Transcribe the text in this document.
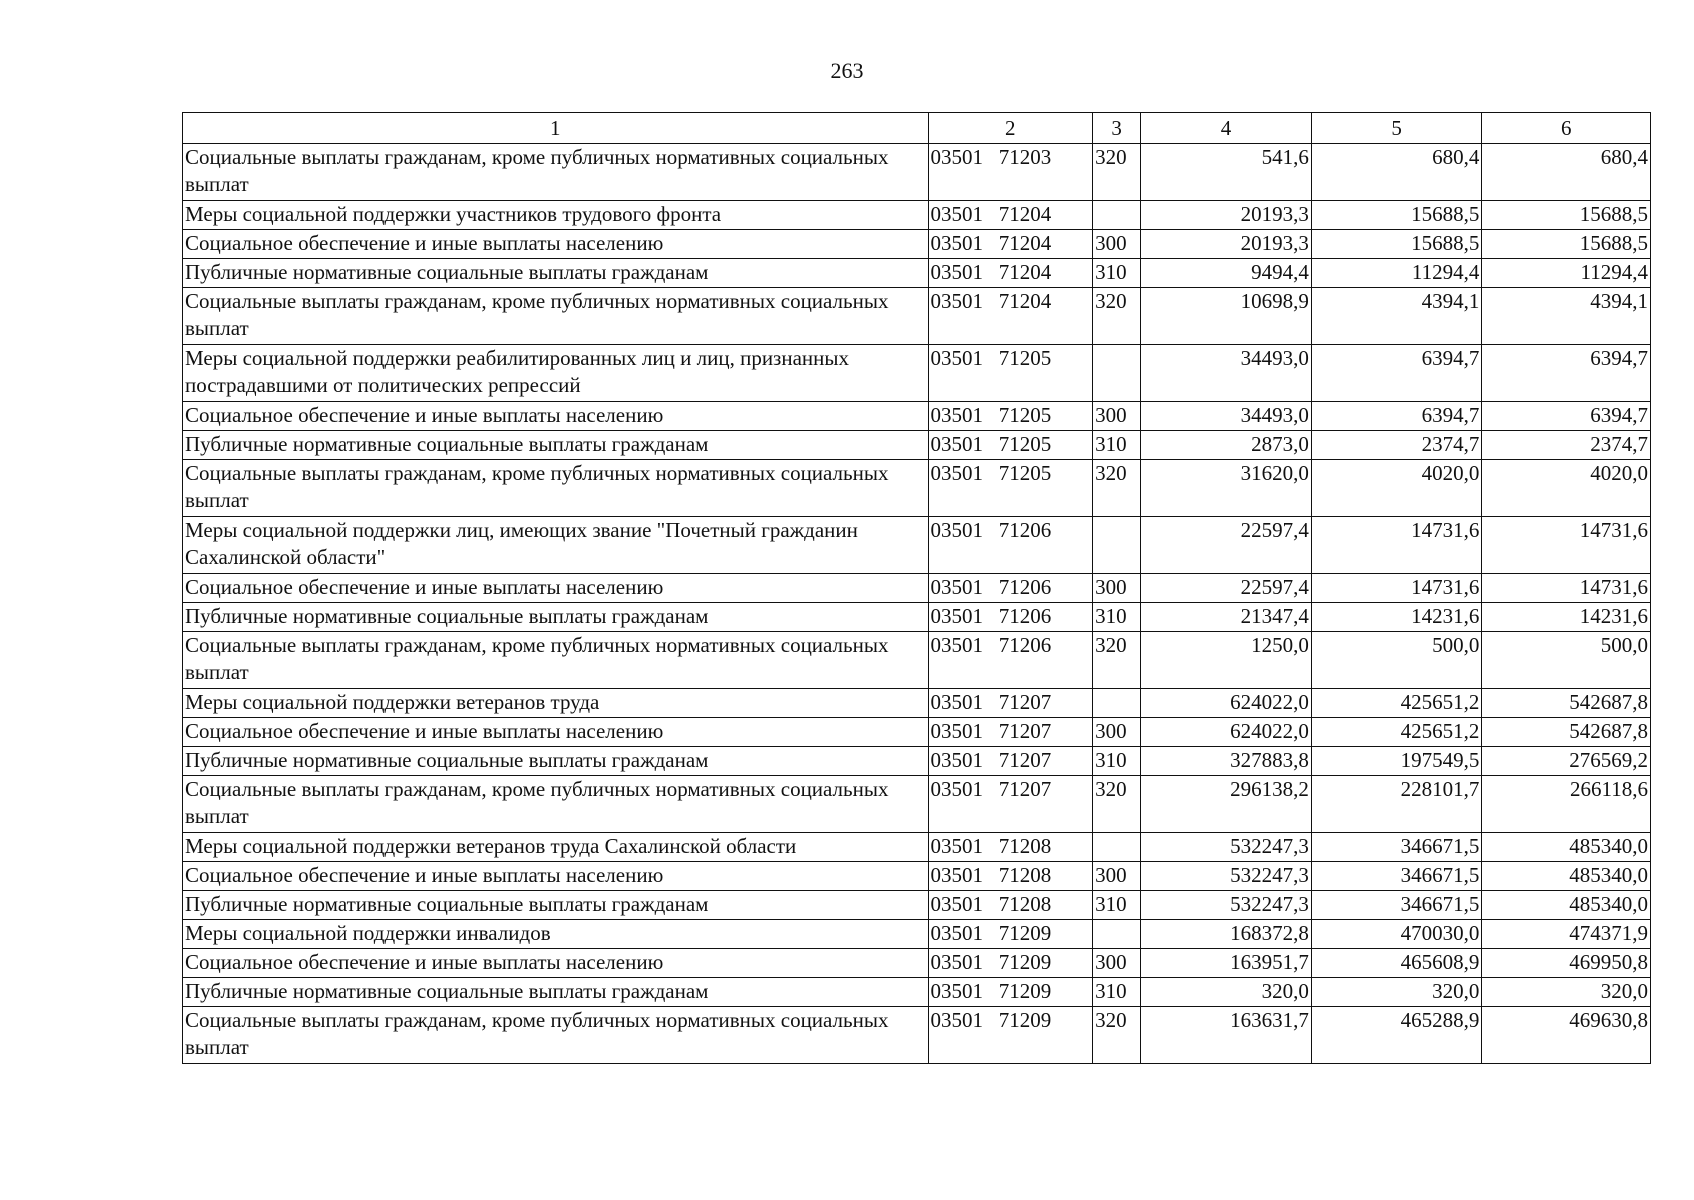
263
1	2	3	4	5	6
Социальные выплаты гражданам, кроме публичных нормативных социальных выплат	03501   71203	320	541,6	680,4	680,4
Меры социальной поддержки участников трудового фронта	03501   71204		20193,3	15688,5	15688,5
Социальное обеспечение и иные выплаты населению	03501   71204	300	20193,3	15688,5	15688,5
Публичные нормативные социальные выплаты гражданам	03501   71204	310	9494,4	11294,4	11294,4
Социальные выплаты гражданам, кроме публичных нормативных социальных выплат	03501   71204	320	10698,9	4394,1	4394,1
Меры социальной поддержки реабилитированных лиц и лиц, признанных пострадавшими от политических репрессий	03501   71205		34493,0	6394,7	6394,7
Социальное обеспечение и иные выплаты населению	03501   71205	300	34493,0	6394,7	6394,7
Публичные нормативные социальные выплаты гражданам	03501   71205	310	2873,0	2374,7	2374,7
Социальные выплаты гражданам, кроме публичных нормативных социальных выплат	03501   71205	320	31620,0	4020,0	4020,0
Меры социальной поддержки лиц, имеющих звание "Почетный гражданин Сахалинской области"	03501   71206		22597,4	14731,6	14731,6
Социальное обеспечение и иные выплаты населению	03501   71206	300	22597,4	14731,6	14731,6
Публичные нормативные социальные выплаты гражданам	03501   71206	310	21347,4	14231,6	14231,6
Социальные выплаты гражданам, кроме публичных нормативных социальных выплат	03501   71206	320	1250,0	500,0	500,0
Меры социальной поддержки ветеранов труда	03501   71207		624022,0	425651,2	542687,8
Социальное обеспечение и иные выплаты населению	03501   71207	300	624022,0	425651,2	542687,8
Публичные нормативные социальные выплаты гражданам	03501   71207	310	327883,8	197549,5	276569,2
Социальные выплаты гражданам, кроме публичных нормативных социальных выплат	03501   71207	320	296138,2	228101,7	266118,6
Меры социальной поддержки ветеранов труда Сахалинской области	03501   71208		532247,3	346671,5	485340,0
Социальное обеспечение и иные выплаты населению	03501   71208	300	532247,3	346671,5	485340,0
Публичные нормативные социальные выплаты гражданам	03501   71208	310	532247,3	346671,5	485340,0
Меры социальной поддержки инвалидов	03501   71209		168372,8	470030,0	474371,9
Социальное обеспечение и иные выплаты населению	03501   71209	300	163951,7	465608,9	469950,8
Публичные нормативные социальные выплаты гражданам	03501   71209	310	320,0	320,0	320,0
Социальные выплаты гражданам, кроме публичных нормативных социальных выплат	03501   71209	320	163631,7	465288,9	469630,8
